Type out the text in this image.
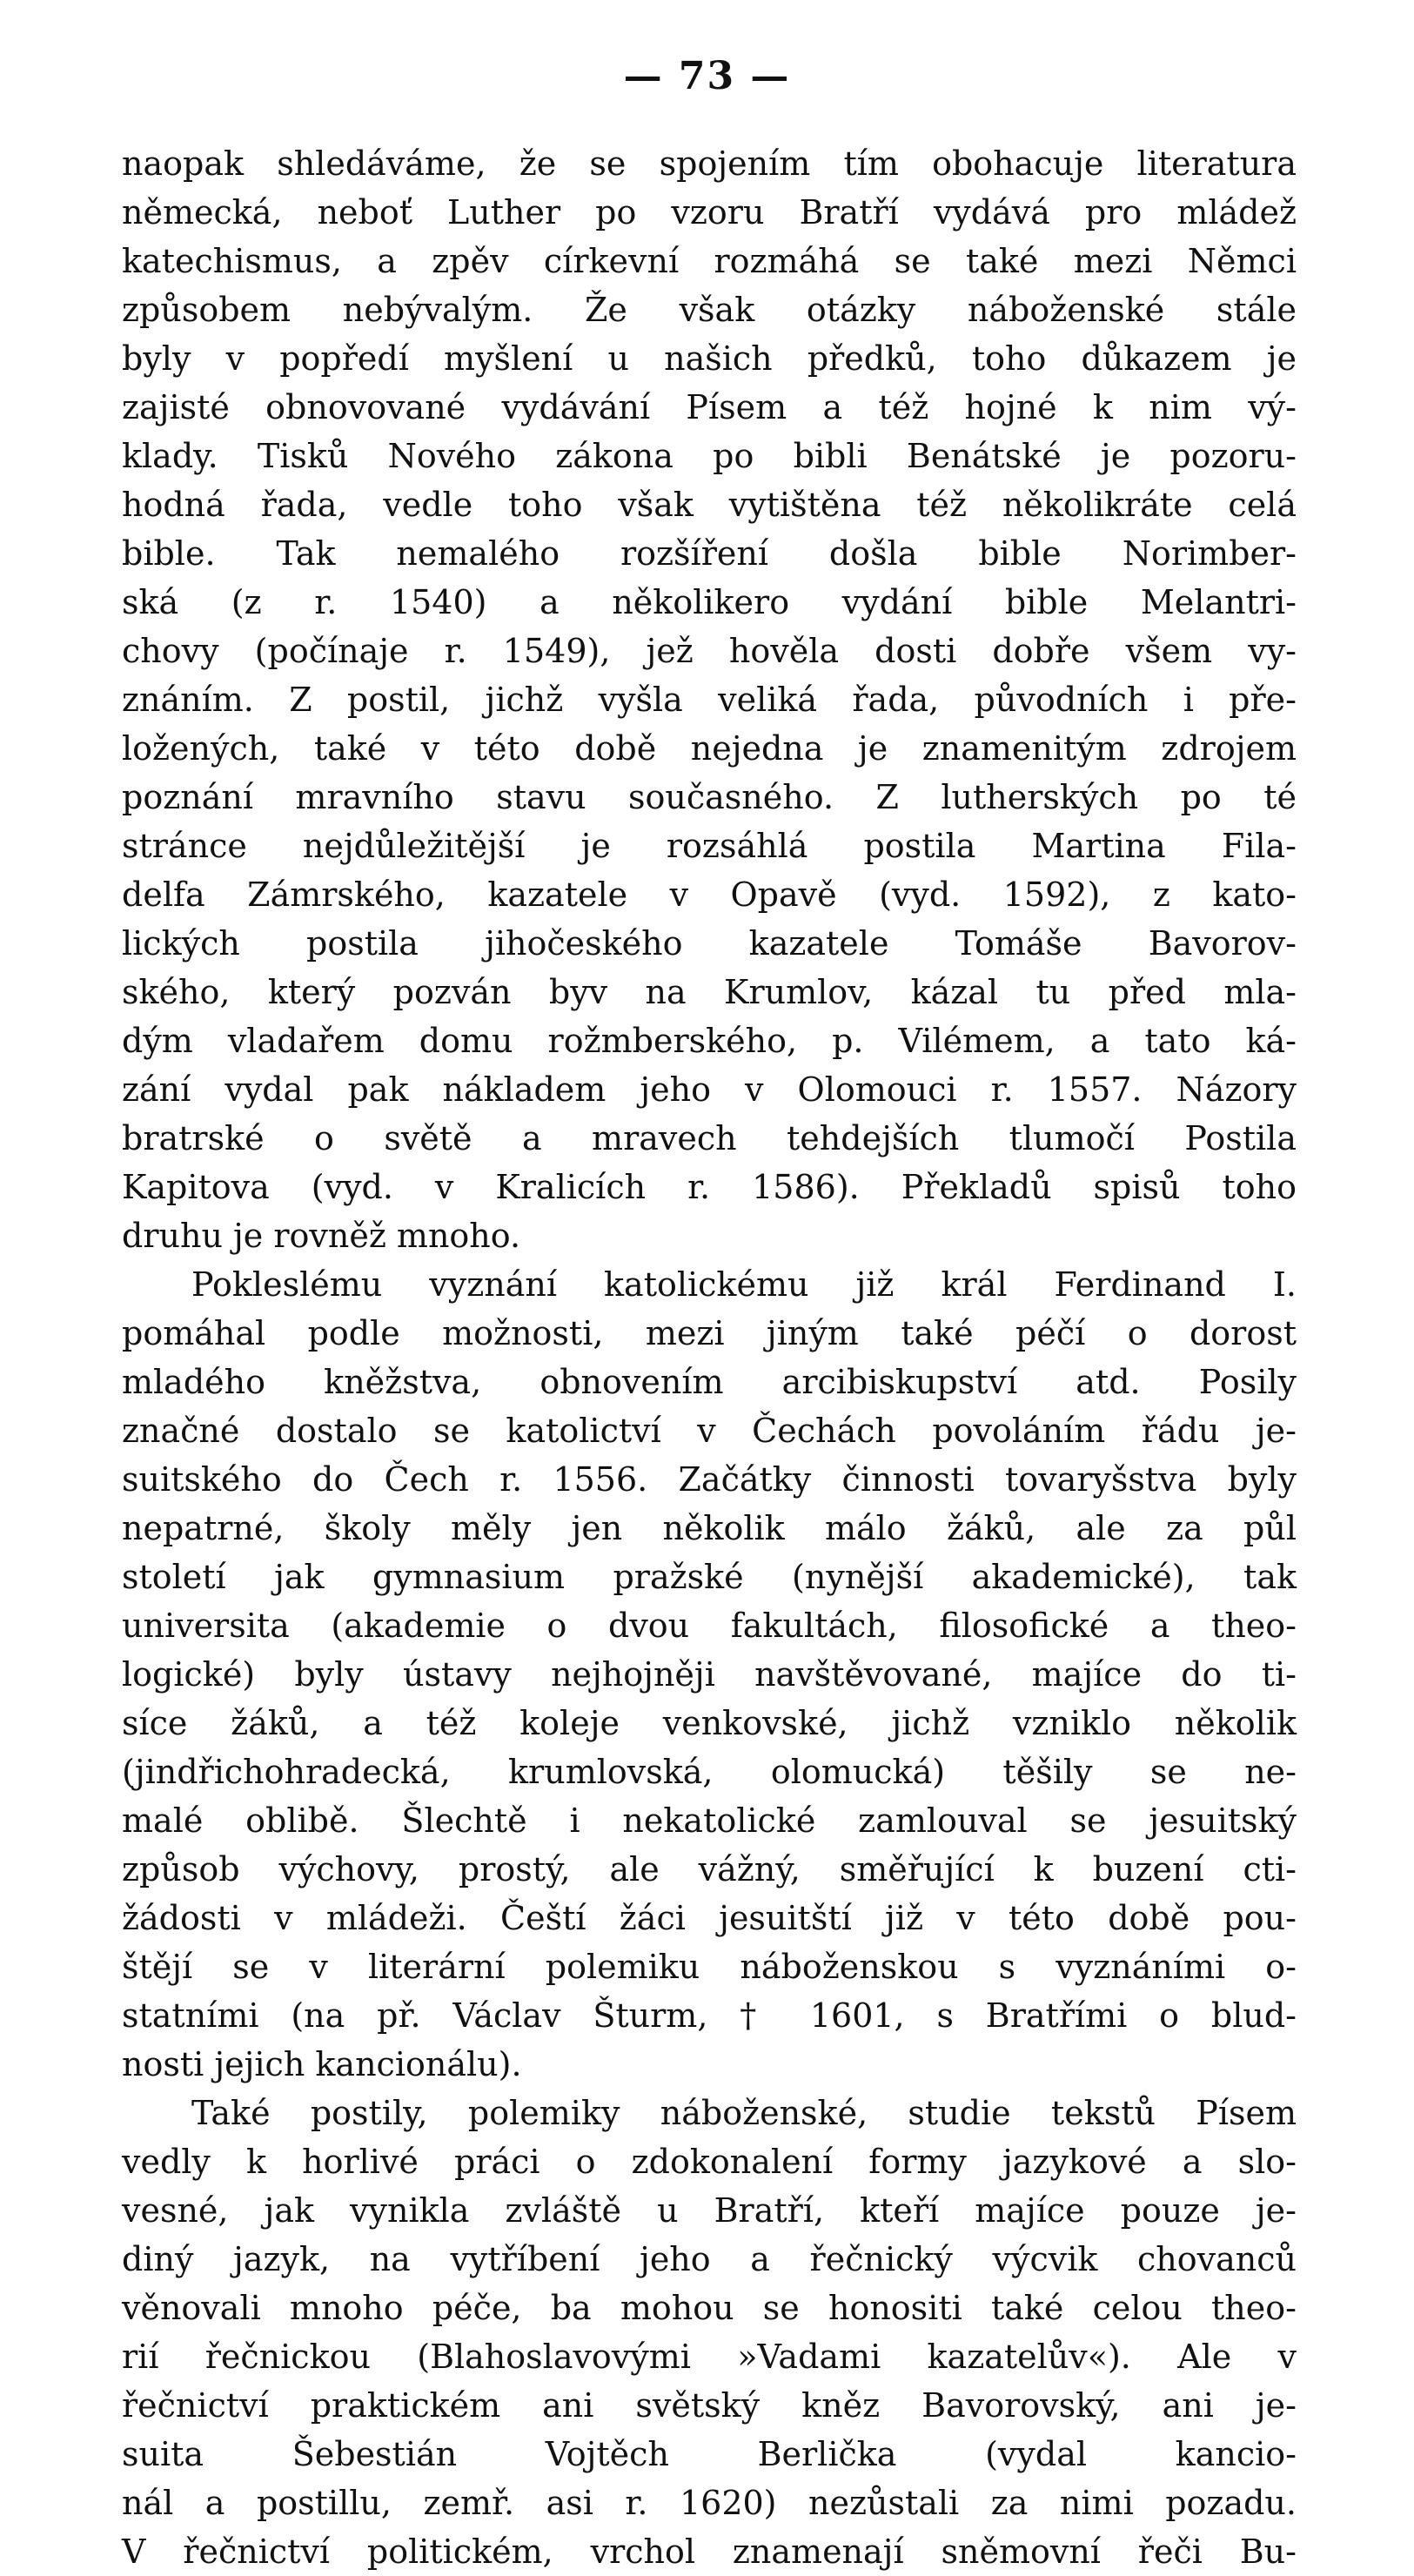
— 73 —
naopak shledáváme, že se spojením tím obohacuje literatura
německá, neboť Luther po vzoru Bratří vydává pro mládež
katechismus, a zpěv církevní rozmáhá se také mezi Němci
způsobem nebývalým. Že však otázky náboženské stále
byly v popředí myšlení u našich předků, toho důkazem je
zajisté obnovované vydávání Písem a též hojné k nim vý-
klady. Tisků Nového zákona po bibli Benátské je pozoru-
hodná řada, vedle toho však vytištěna též několikráte celá
bible. Tak nemalého rozšíření došla bible Norimber-
ská (z r. 1540) a několikero vydání bible Melantri-
chovy (počínaje r. 1549), jež hověla dosti dobře všem vy-
znáním. Z postil, jichž vyšla veliká řada, původních i pře-
ložených, také v této době nejedna je znamenitým zdrojem
poznání mravního stavu současného. Z lutherských po té
stránce nejdůležitější je rozsáhlá postila Martina Fila-
delfa Zámrského, kazatele v Opavě (vyd. 1592), z kato-
lických postila jihočeského kazatele Tomáše Bavorov-
ského, který pozván byv na Krumlov, kázal tu před mla-
dým vladařem domu rožmberského, p. Vilémem, a tato ká-
zání vydal pak nákladem jeho v Olomouci r. 1557. Názory
bratrské o světě a mravech tehdejších tlumočí Postila
Kapitova (vyd. v Kralicích r. 1586). Překladů spisů toho
druhu je rovněž mnoho.
Pokleslému vyznání katolickému již král Ferdinand I.
pomáhal podle možnosti, mezi jiným také péčí o dorost
mladého kněžstva, obnovením arcibiskupství atd. Posily
značné dostalo se katolictví v Čechách povoláním řádu je-
suitského do Čech r. 1556. Začátky činnosti tovaryšstva byly
nepatrné, školy měly jen několik málo žáků, ale za půl
století jak gymnasium pražské (nynější akademické), tak
universita (akademie o dvou fakultách, filosofické a theo-
logické) byly ústavy nejhojněji navštěvované, majíce do ti-
síce žáků, a též koleje venkovské, jichž vzniklo několik
(jindřichohradecká, krumlovská, olomucká) těšily se ne-
malé oblibě. Šlechtě i nekatolické zamlouval se jesuitský
způsob výchovy, prostý, ale vážný, směřující k buzení cti-
žádosti v mládeži. Čeští žáci jesuitští již v této době pou-
štějí se v literární polemiku náboženskou s vyznáními o-
statními (na př. Václav Šturm, † 1601, s Bratřími o blud-
nosti jejich kancionálu).
Také postily, polemiky náboženské, studie tekstů Písem
vedly k horlivé práci o zdokonalení formy jazykové a slo-
vesné, jak vynikla zvláště u Bratří, kteří majíce pouze je-
diný jazyk, na vytříbení jeho a řečnický výcvik chovanců
věnovali mnoho péče, ba mohou se honositi také celou theo-
rií řečnickou (Blahoslavovými »Vadami kazatelův«). Ale v
řečnictví praktickém ani světský kněz Bavorovský, ani je-
suita Šebestián Vojtěch Berlička (vydal kancio-
nál a postillu, zemř. asi r. 1620) nezůstali za nimi pozadu.
V řečnictví politickém, vrchol znamenají sněmovní řeči Bu-
